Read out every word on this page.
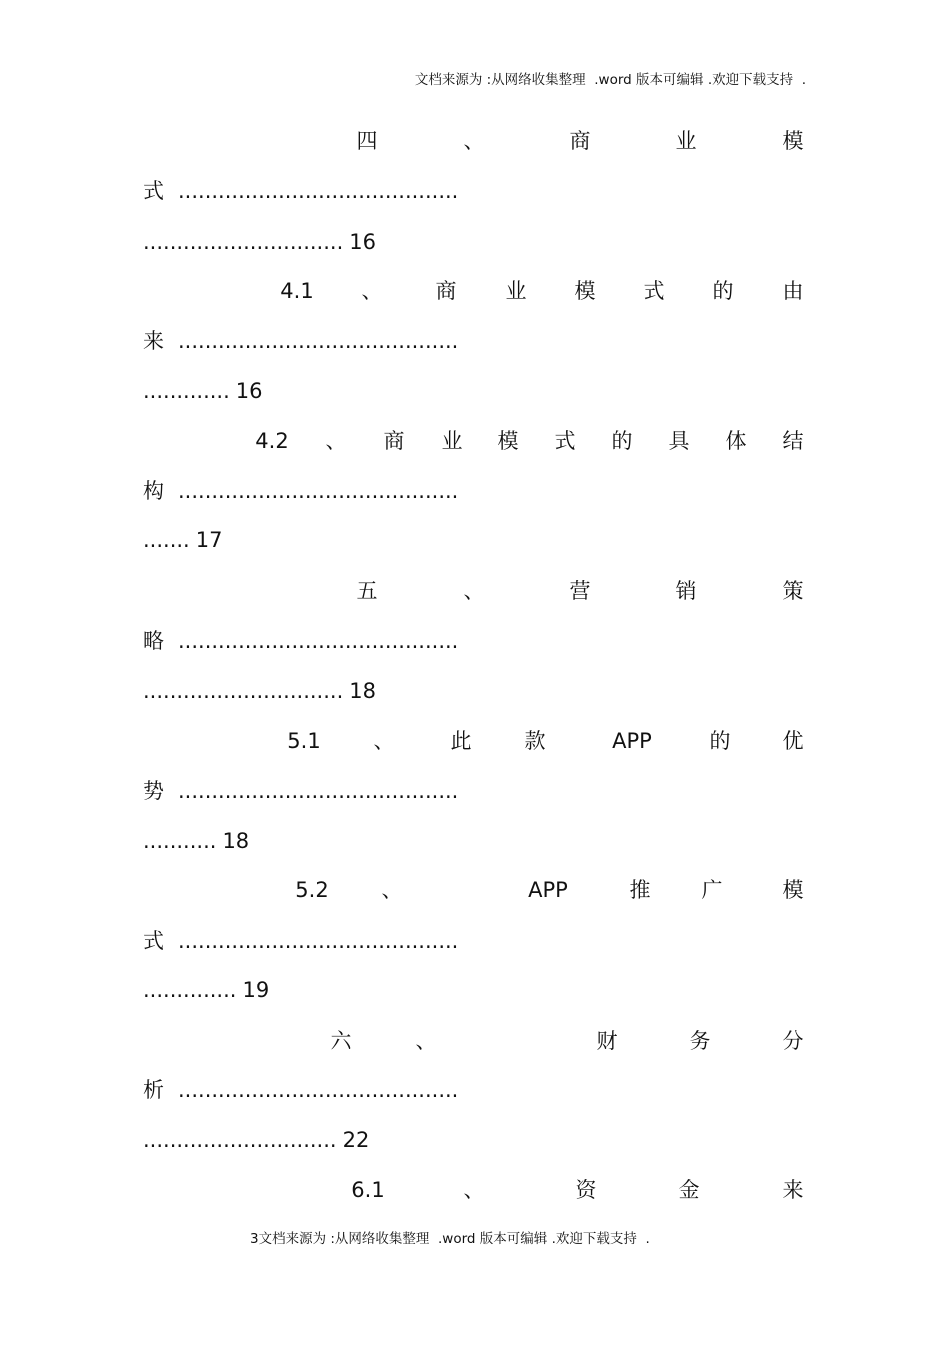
文档来源为 :从网络收集整理  .word 版本可编辑 .欢迎下载支持  .
四	、	商	业	模
式 ..........................................
.............................. 16
4.1 、	商 业 模 式 的 由
来 ..........................................
............. 16
4.2 、 商 业 模 式 的 具 体 结
构 ..........................................
....... 17
五	、	营	销	策
略 ..........................................
.............................. 18
5.1	、	此	款	APP	的 优
势 ..........................................
........... 18
5.2	、	APP	推 广	模
式 ..........................................
.............. 19
六	、	财	务	分
析 ..........................................
............................. 22
6.1	、	资	金	来
3文档来源为 :从网络收集整理  .word 版本可编辑 .欢迎下载支持  .
